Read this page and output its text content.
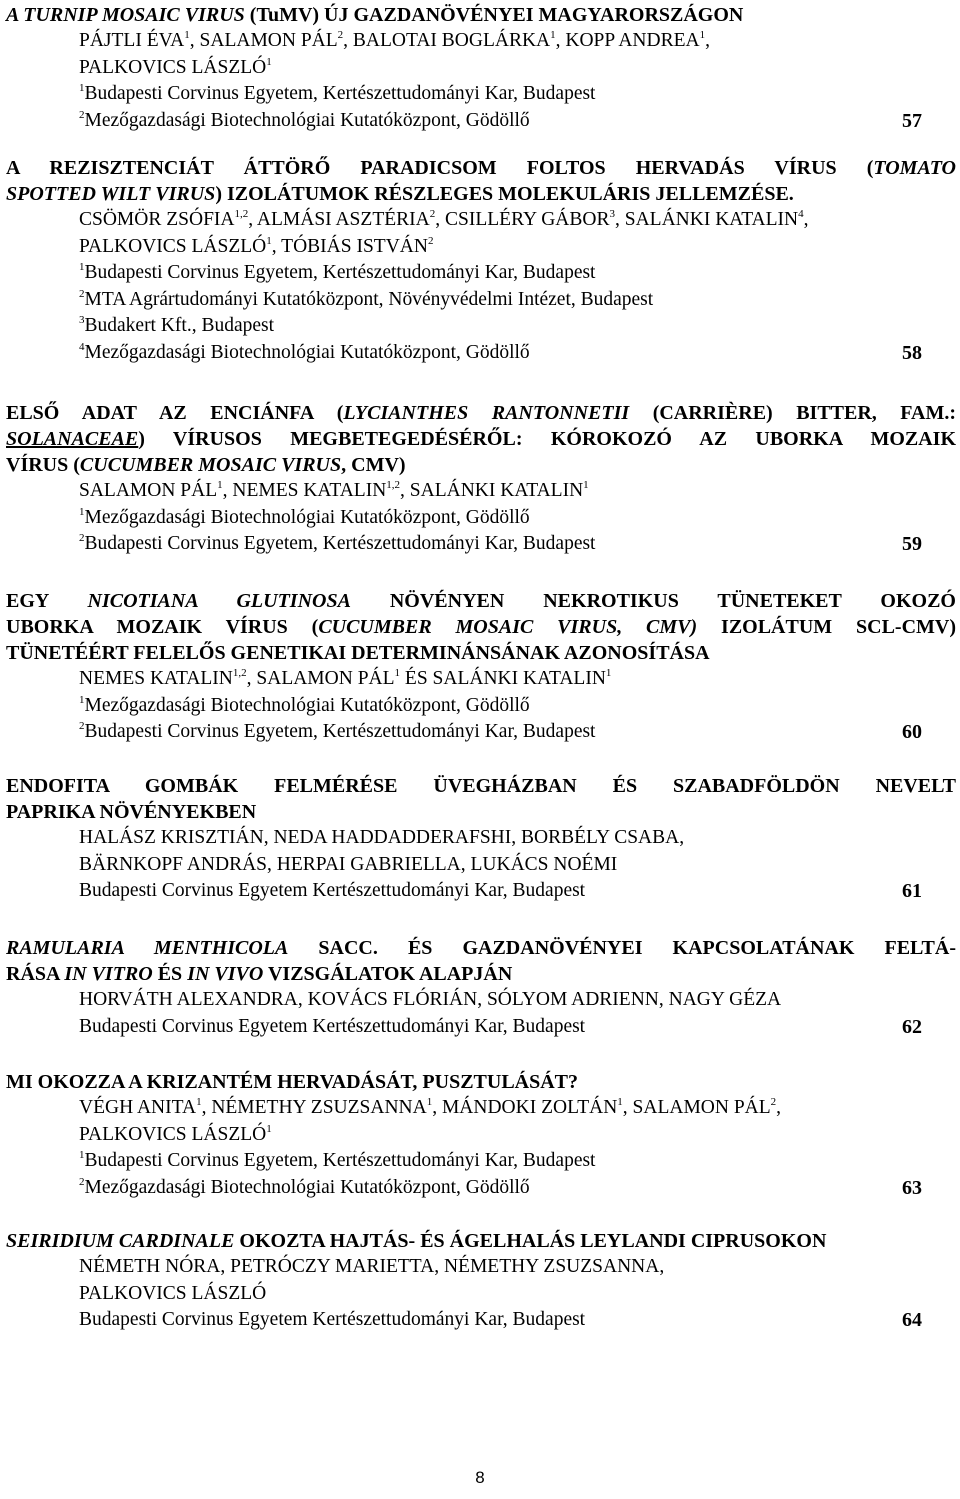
A TURNIP MOSAIC VIRUS (TuMV) ÚJ GAZDANÖVÉNYEI MAGYARORSZÁGON
PÁJTLI ÉVA$^1$, SALAMON PÁL$^2$, BALOTAI BOGLÁRKA$^1$, KOPP ANDREA$^1$,
PALKOVICS LÁSZLÓ$^1$
$^1$Budapesti Corvinus Egyetem, Kertészettudományi Kar, Budapest
$^2$Mezőgazdasági Biotechnológiai Kutatóközpont, Gödöllő	57
A REZISZTENCIÁT ÁTTÖRŐ PARADICSOM FOLTOS HERVADÁS VÍRUS (TOMATO
SPOTTED WILT VIRUS) IZOLÁTUMOK RÉSZLEGES MOLEKULÁRIS JELLEMZÉSE.
CSÖMÖR ZSÓFIA$^{1,2}$, ALMÁSI ASZTÉRIA$^2$, CSILLÉRY GÁBOR$^3$, SALÁNKI KATALIN$^4$,
PALKOVICS LÁSZLÓ$^1$, TÓBIÁS ISTVÁN$^2$
$^1$Budapesti Corvinus Egyetem, Kertészettudományi Kar, Budapest
$^2$MTA Agrártudományi Kutatóközpont, Növényvédelmi Intézet, Budapest
$^3$Budakert Kft., Budapest
$^4$Mezőgazdasági Biotechnológiai Kutatóközpont, Gödöllő	58
ELSŐ ADAT AZ ENCIÁNFA (LYCIANTHES RANTONNETII (CARRIÈRE) BITTER, FAM.:
SOLANACEAE) VÍRUSOS MEGBETEGEDÉSÉRŐL: KÓROKOZÓ AZ UBORKA MOZAIK
VÍRUS (CUCUMBER MOSAIC VIRUS, CMV)
SALAMON PÁL$^1$, NEMES KATALIN$^{1,2}$, SALÁNKI KATALIN$^1$
$^1$Mezőgazdasági Biotechnológiai Kutatóközpont, Gödöllő
$^2$Budapesti Corvinus Egyetem, Kertészettudományi Kar, Budapest	59
EGY NICOTIANA GLUTINOSA NÖVÉNYEN NEKROTIKUS TÜNETEKET OKOZÓ
UBORKA MOZAIK VÍRUS (CUCUMBER MOSAIC VIRUS, CMV) IZOLÁTUM SCL-CMV)
TÜNETÉÉRT FELELŐS GENETIKAI DETERMINÁNSÁNAK AZONOSÍTÁSA
NEMES KATALIN$^{1,2}$, SALAMON PÁL$^1$ ÉS SALÁNKI KATALIN$^1$
$^1$Mezőgazdasági Biotechnológiai Kutatóközpont, Gödöllő
$^2$Budapesti Corvinus Egyetem, Kertészettudományi Kar, Budapest	60
ENDOFITA GOMBÁK FELMÉRÉSE ÜVEGHÁZBAN ÉS SZABADFÖLDÖN NEVELT
PAPRIKA NÖVÉNYEKBEN
HALÁSZ KRISZTIÁN, NEDA HADDADDERAFSHI, BORBÉLY CSABA,
BÄRNKOPF ANDRÁS, HERPAI GABRIELLA, LUKÁCS NOÉMI
Budapesti Corvinus Egyetem Kertészettudományi Kar, Budapest	61
RAMULARIA MENTHICOLA SACC. ÉS GAZDANÖVÉNYEI KAPCSOLATÁNAK FELTÁ-
RÁSA IN VITRO ÉS IN VIVO VIZSGÁLATOK ALAPJÁN
HORVÁTH ALEXANDRA, KOVÁCS FLÓRIÁN, SÓLYOM ADRIENN, NAGY GÉZA
Budapesti Corvinus Egyetem Kertészettudományi Kar, Budapest	62
MI OKOZZA A KRIZANTÉM HERVADÁSÁT, PUSZTULÁSÁT?
VÉGH ANITA$^1$, NÉMETHY ZSUZSANNA$^1$, MÁNDOKI ZOLTÁN$^1$, SALAMON PÁL$^2$,
PALKOVICS LÁSZLÓ$^1$
$^1$Budapesti Corvinus Egyetem, Kertészettudományi Kar, Budapest
$^2$Mezőgazdasági Biotechnológiai Kutatóközpont, Gödöllő	63
SEIRIDIUM CARDINALE OKOZTA HAJTÁS- ÉS ÁGELHALÁS LEYLANDI CIPRUSOKON
NÉMETH NÓRA, PETRÓCZY MARIETTA, NÉMETHY ZSUZSANNA,
PALKOVICS LÁSZLÓ
Budapesti Corvinus Egyetem Kertészettudományi Kar, Budapest	64
8
